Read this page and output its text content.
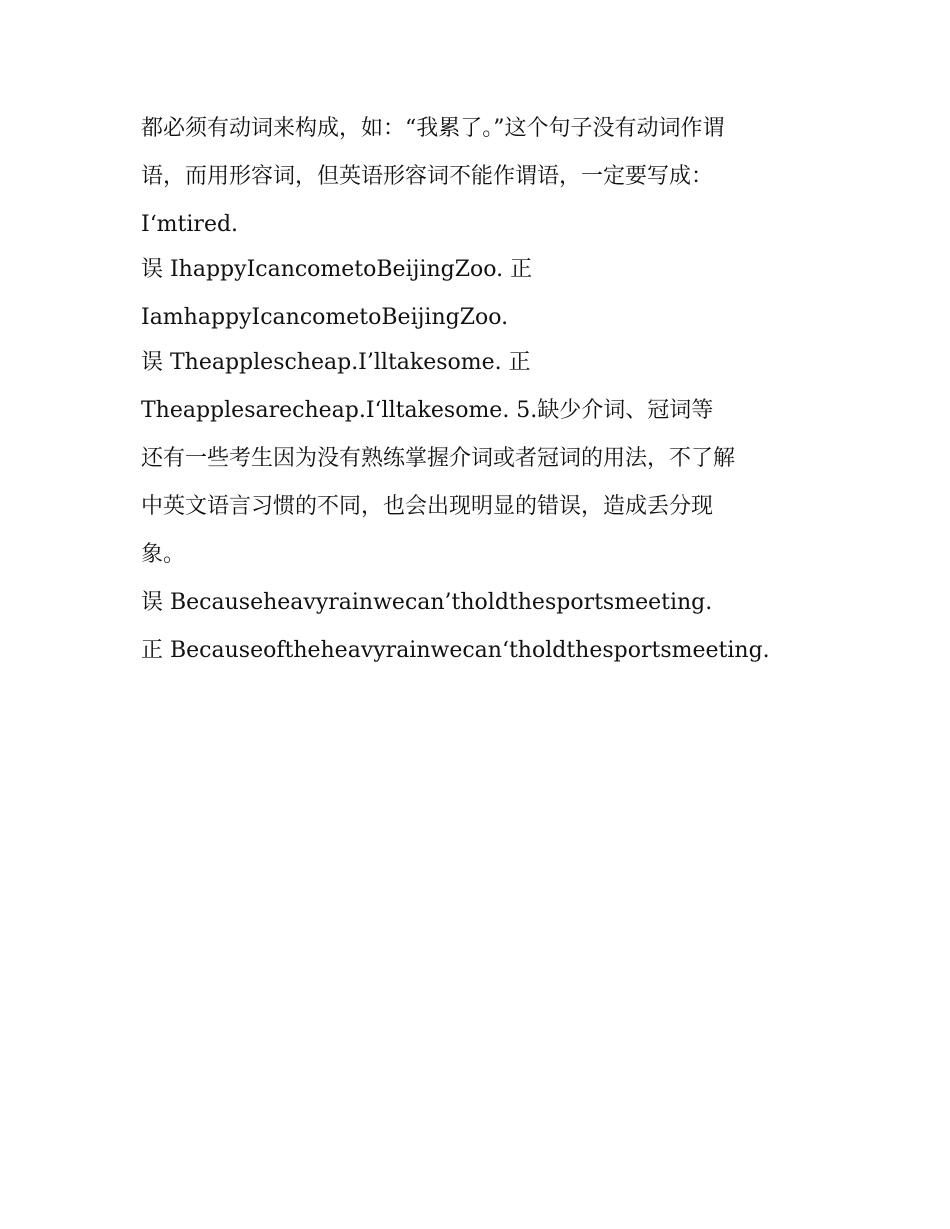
都必须有动词来构成，如：“我累了。”这个句子没有动词作谓
语，而用形容词，但英语形容词不能作谓语，一定要写成：
I‘mtired.
误 IhappyIcancometoBeijingZoo. 正
IamhappyIcancometoBeijingZoo.
误 Theapplescheap.I’lltakesome. 正
Theapplesarecheap.I‘lltakesome. 5.缺少介词、冠词等
还有一些考生因为没有熟练掌握介词或者冠词的用法，不了解
中英文语言习惯的不同，也会出现明显的错误，造成丢分现
象。
误 Becauseheavyrainwecan’tholdthesportsmeeting.
正 Becauseoftheheavyrainwecan‘tholdthesportsmeeting.
